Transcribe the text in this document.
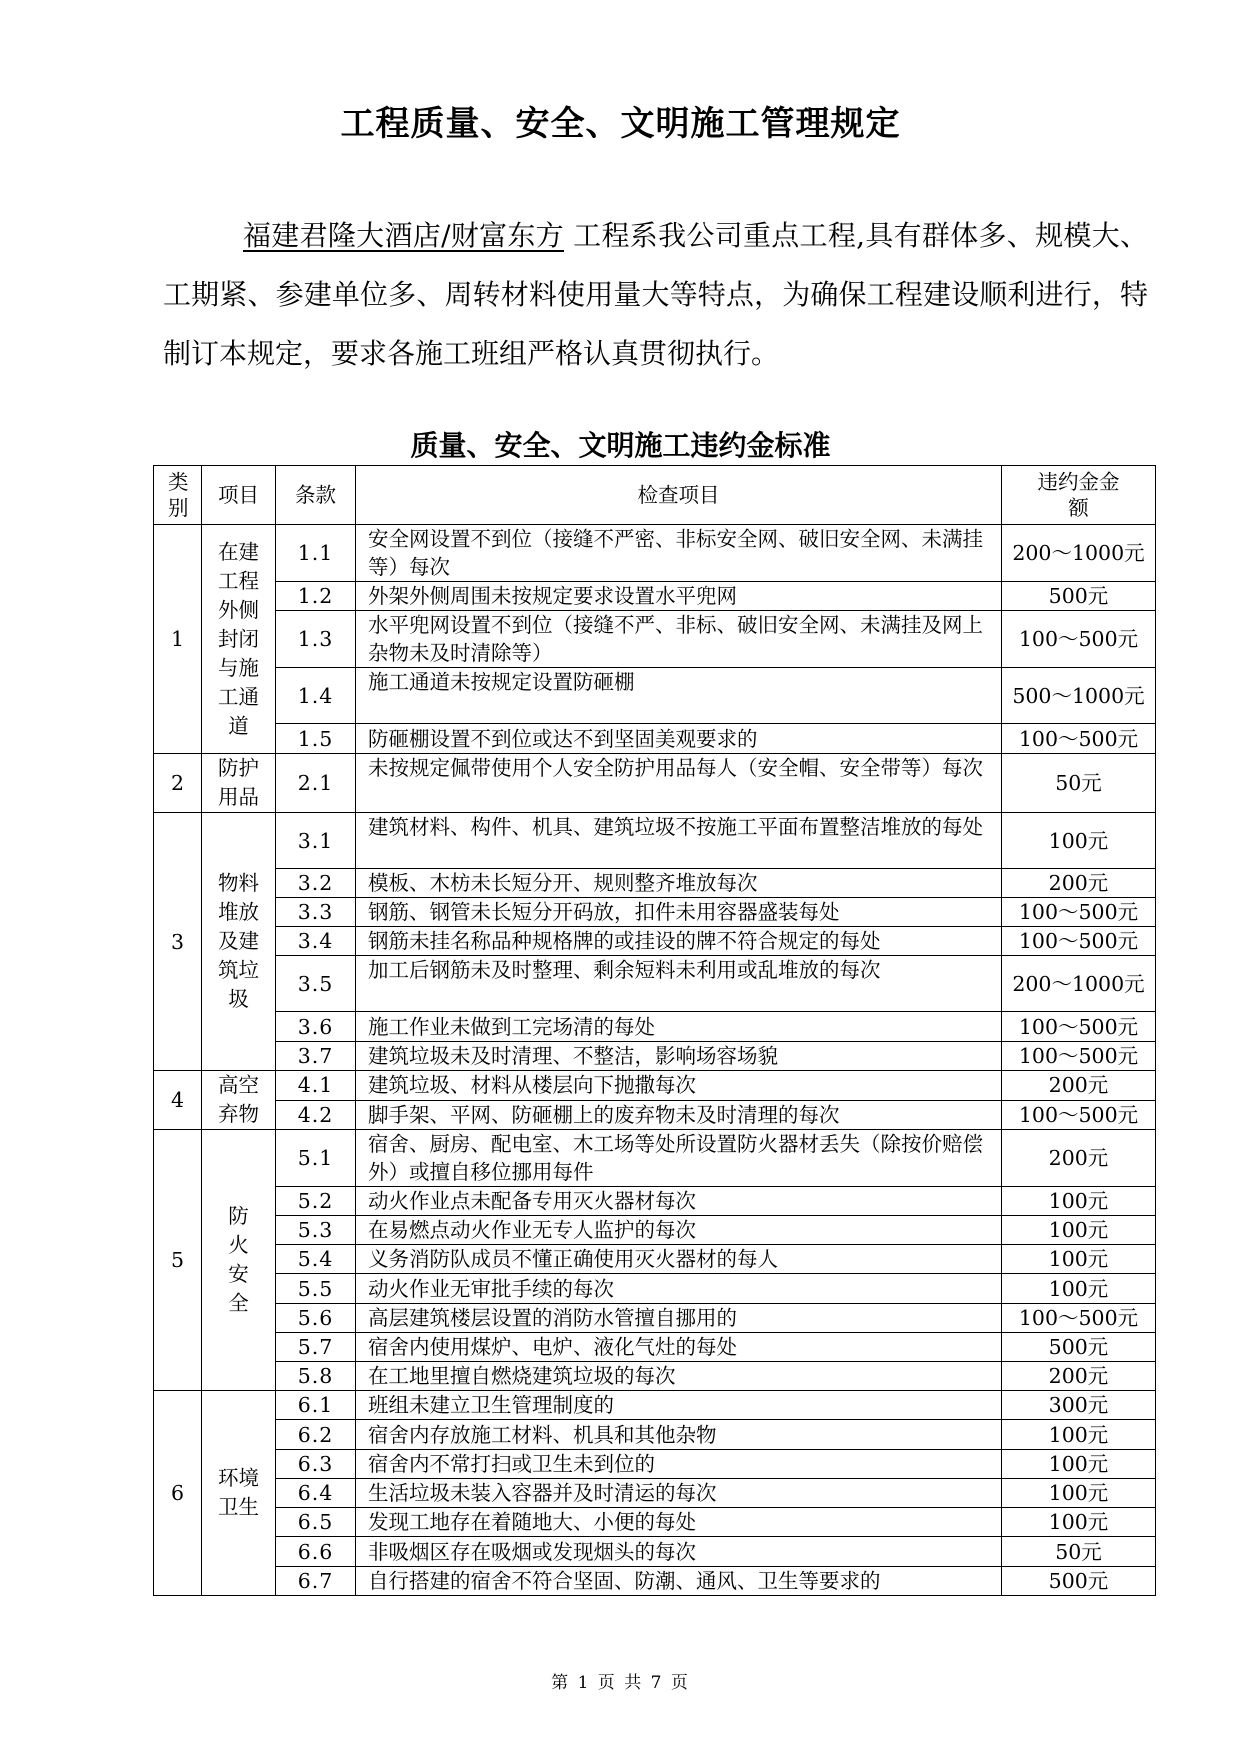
工程质量、安全、文明施工管理规定
福建君隆大酒店/财富东方 工程系我公司重点工程,具有群体多、规模大、工期紧、参建单位多、周转材料使用量大等特点，为确保工程建设顺利进行，特制订本规定，要求各施工班组严格认真贯彻执行。
质量、安全、文明施工违约金标准
类别	项目	条款	检查项目	违约金金额
1	在建工程外侧封闭与施工通道	1.1	安全网设置不到位（接缝不严密、非标安全网、破旧安全网、未满挂等）每次	200～1000元
		1.2	外架外侧周围未按规定要求设置水平兜网	500元
		1.3	水平兜网设置不到位（接缝不严、非标、破旧安全网、未满挂及网上杂物未及时清除等）	100～500元
		1.4	施工通道未按规定设置防砸棚	500～1000元
		1.5	防砸棚设置不到位或达不到坚固美观要求的	100～500元
2	防护用品	2.1	未按规定佩带使用个人安全防护用品每人（安全帽、安全带等）每次	50元
3	物料堆放及建筑垃圾	3.1	建筑材料、构件、机具、建筑垃圾不按施工平面布置整洁堆放的每处	100元
		3.2	模板、木枋未长短分开、规则整齐堆放每次	200元
		3.3	钢筋、钢管未长短分开码放，扣件未用容器盛装每处	100～500元
		3.4	钢筋未挂名称品种规格牌的或挂设的牌不符合规定的每处	100～500元
		3.5	加工后钢筋未及时整理、剩余短料未利用或乱堆放的每次	200～1000元
		3.6	施工作业未做到工完场清的每处	100～500元
		3.7	建筑垃圾未及时清理、不整洁，影响场容场貌	100～500元
4	高空弃物	4.1	建筑垃圾、材料从楼层向下抛撒每次	200元
		4.2	脚手架、平网、防砸棚上的废弃物未及时清理的每次	100～500元
5	防火安全	5.1	宿舍、厨房、配电室、木工场等处所设置防火器材丢失（除按价赔偿外）或擅自移位挪用每件	200元
		5.2	动火作业点未配备专用灭火器材每次	100元
		5.3	在易燃点动火作业无专人监护的每次	100元
		5.4	义务消防队成员不懂正确使用灭火器材的每人	100元
		5.5	动火作业无审批手续的每次	100元
		5.6	高层建筑楼层设置的消防水管擅自挪用的	100～500元
		5.7	宿舍内使用煤炉、电炉、液化气灶的每处	500元
		5.8	在工地里擅自燃烧建筑垃圾的每次	200元
6	环境卫生	6.1	班组未建立卫生管理制度的	300元
		6.2	宿舍内存放施工材料、机具和其他杂物	100元
		6.3	宿舍内不常打扫或卫生未到位的	100元
		6.4	生活垃圾未装入容器并及时清运的每次	100元
		6.5	发现工地存在着随地大、小便的每处	100元
		6.6	非吸烟区存在吸烟或发现烟头的每次	50元
		6.7	自行搭建的宿舍不符合坚固、防潮、通风、卫生等要求的	500元
第 1 页 共 7 页
